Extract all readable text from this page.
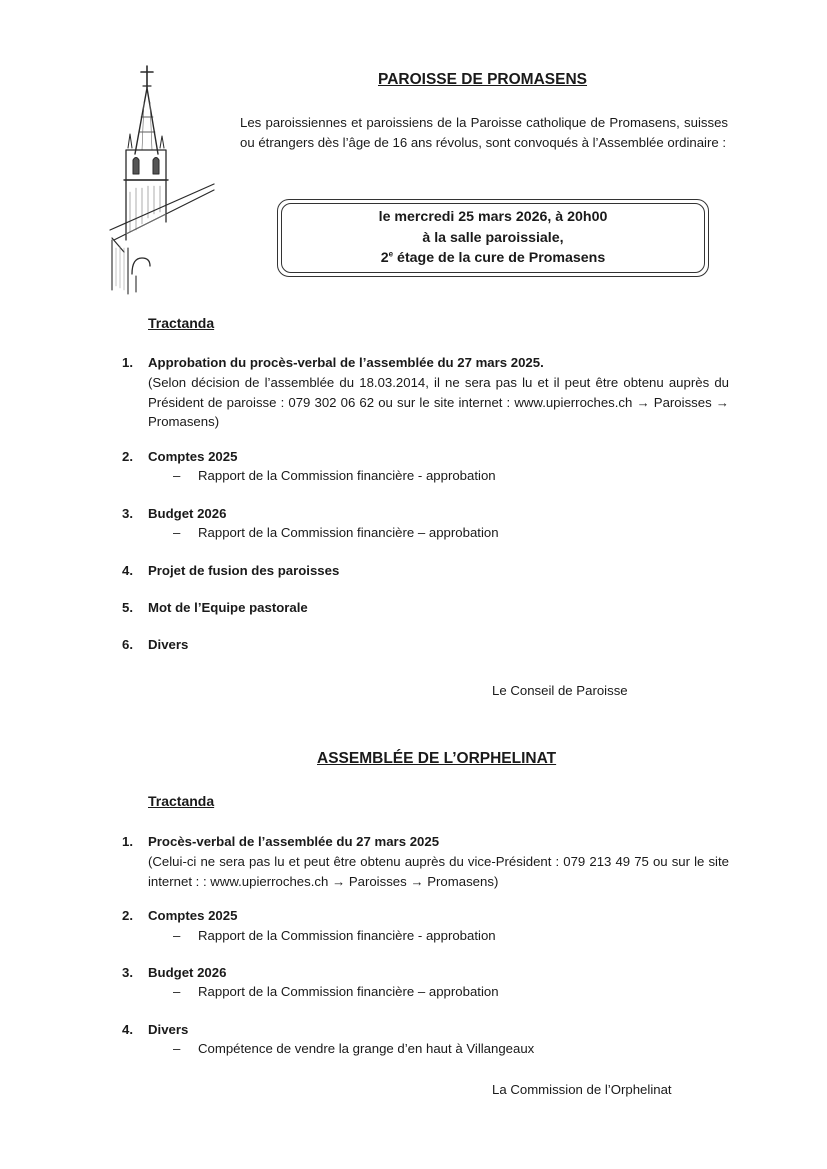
PAROISSE DE PROMASENS
Les paroissiennes et paroissiens de la Paroisse catholique de Promasens, suisses ou étrangers dès l’âge de 16 ans révolus, sont convoqués à l’Assemblée ordinaire :
le mercredi 25 mars 2026, à 20h00
à la salle paroissiale,
2e étage de la cure de Promasens
Tractanda
1. Approbation du procès-verbal de l’assemblée du 27 mars 2025.
(Selon décision de l’assemblée du 18.03.2014, il ne sera pas lu et il peut être obtenu auprès du Président de paroisse : 079 302 06 62 ou sur le site internet : www.upierroches.ch → Paroisses → Promasens)
2. Comptes 2025
– Rapport de la Commission financière - approbation
3. Budget 2026
– Rapport de la Commission financière – approbation
4. Projet de fusion des paroisses
5. Mot de l’Equipe pastorale
6. Divers
Le Conseil de Paroisse
ASSEMBLÉE DE L’ORPHELINAT
Tractanda
1. Procès-verbal de l’assemblée du 27 mars 2025
(Celui-ci ne sera pas lu et peut être obtenu auprès du vice-Président : 079 213 49 75 ou sur le site internet : : www.upierroches.ch → Paroisses → Promasens)
2. Comptes 2025
– Rapport de la Commission financière - approbation
3. Budget 2026
– Rapport de la Commission financière – approbation
4. Divers
– Compétence de vendre la grange d’en haut à Villangeaux
La Commission de l’Orphelinat
